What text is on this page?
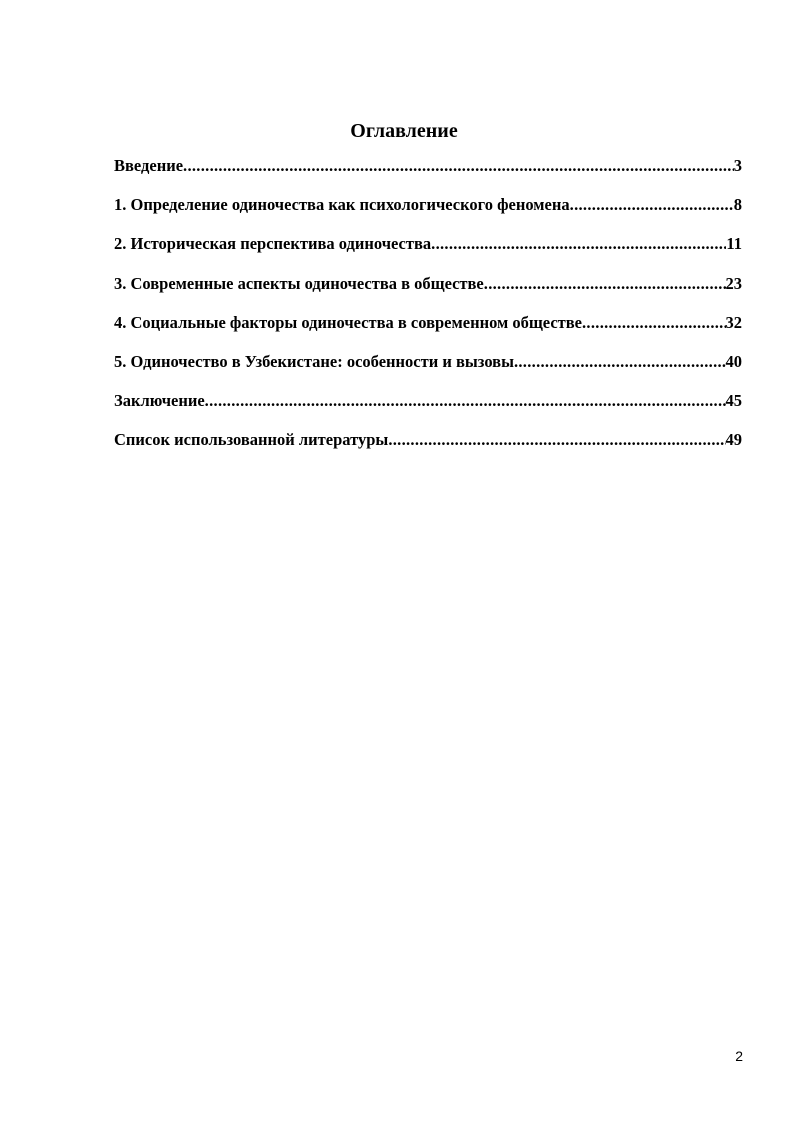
Оглавление
Введение .....	3
1. Определение одиночества как психологического феномена .....	8
2. Историческая перспектива одиночества .....	11
3. Современные аспекты одиночества в обществе .....	23
4. Социальные факторы одиночества в современном обществе .....	32
5. Одиночество в Узбекистане: особенности и вызовы .....	40
Заключение .....	45
Список использованной литературы .....	49
2
